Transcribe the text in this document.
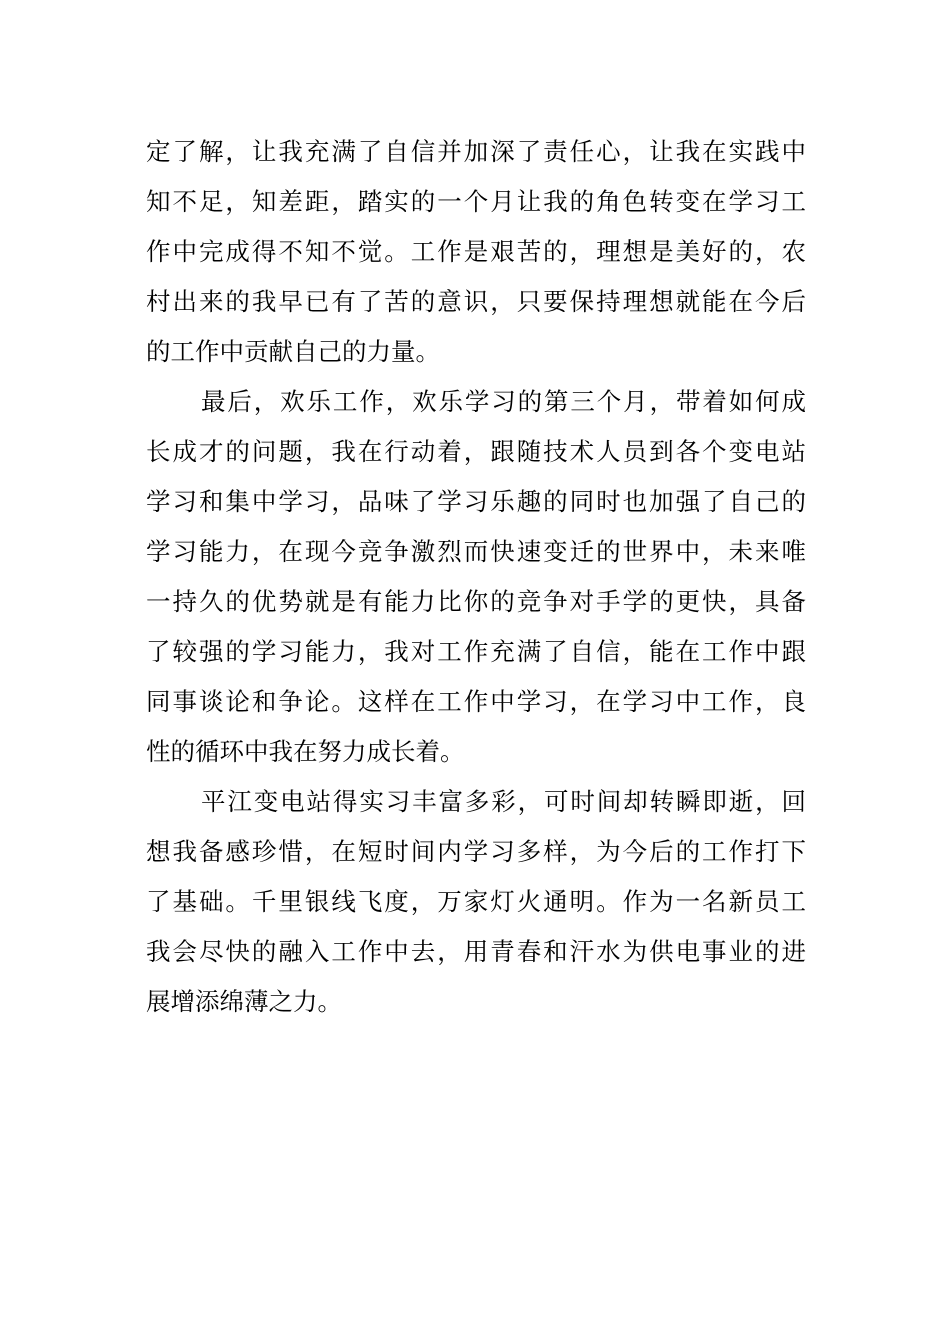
定了解，让我充满了自信并加深了责任心，让我在实践中
知不足，知差距，踏实的一个月让我的角色转变在学习工
作中完成得不知不觉。工作是艰苦的，理想是美好的，农
村出来的我早已有了苦的意识，只要保持理想就能在今后
的工作中贡献自己的力量。
最后，欢乐工作，欢乐学习的第三个月，带着如何成
长成才的问题，我在行动着，跟随技术人员到各个变电站
学习和集中学习，品味了学习乐趣的同时也加强了自己的
学习能力，在现今竞争激烈而快速变迁的世界中，未来唯
一持久的优势就是有能力比你的竞争对手学的更快，具备
了较强的学习能力，我对工作充满了自信，能在工作中跟
同事谈论和争论。这样在工作中学习，在学习中工作，良
性的循环中我在努力成长着。
平江变电站得实习丰富多彩，可时间却转瞬即逝，回
想我备感珍惜，在短时间内学习多样，为今后的工作打下
了基础。千里银线飞度，万家灯火通明。作为一名新员工
我会尽快的融入工作中去，用青春和汗水为供电事业的进
展增添绵薄之力。
